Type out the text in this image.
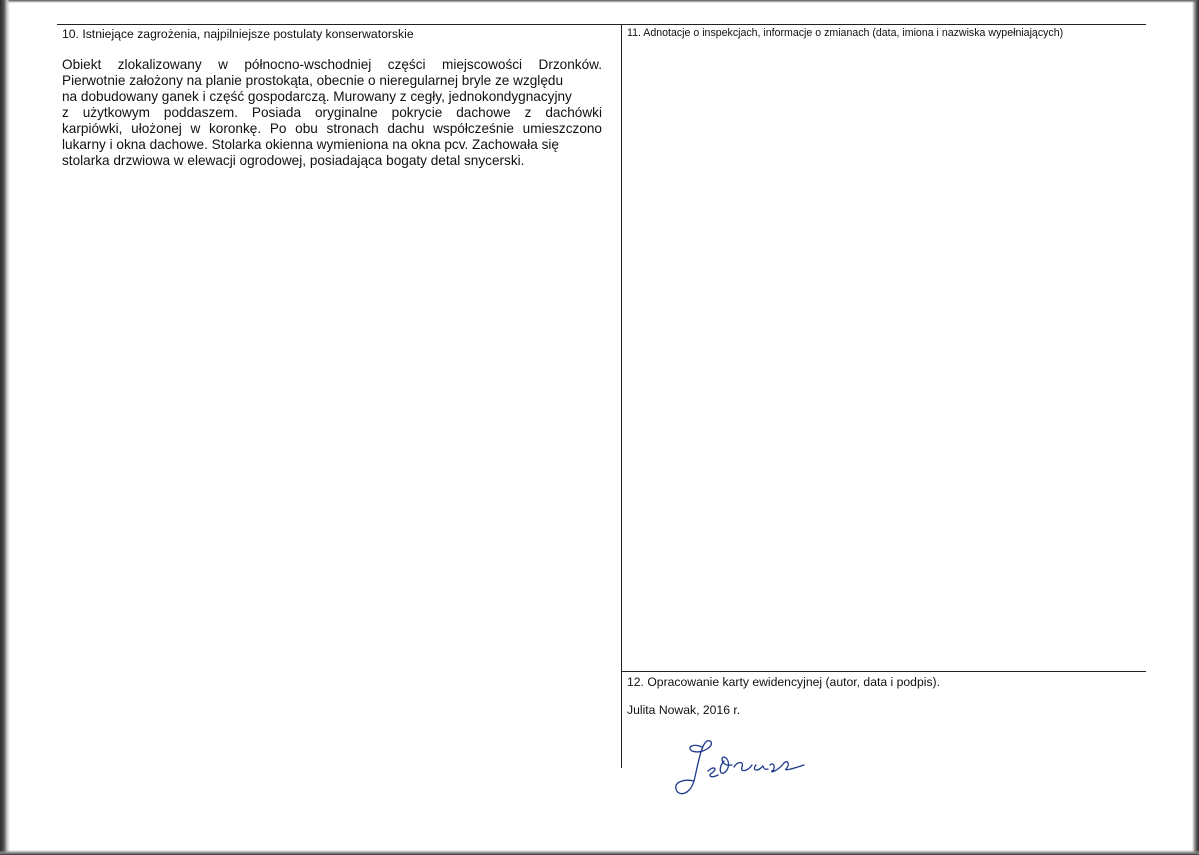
10. Istniejące zagrożenia, najpilniejsze postulaty konserwatorskie
Obiekt zlokalizowany w północno-wschodniej części miejscowości Drzonków.
Pierwotnie założony na planie prostokąta, obecnie o nieregularnej bryle ze względu
na dobudowany ganek i część gospodarczą. Murowany z cegły, jednokondygnacyjny
z użytkowym poddaszem. Posiada oryginalne pokrycie dachowe z dachówki
karpiówki, ułożonej w koronkę. Po obu stronach dachu współcześnie umieszczono
lukarny i okna dachowe. Stolarka okienna wymieniona na okna pcv. Zachowała się
stolarka drzwiowa w elewacji ogrodowej, posiadająca bogaty detal snycerski.
11. Adnotacje o inspekcjach, informacje o zmianach (data, imiona i nazwiska wypełniających)
12. Opracowanie karty ewidencyjnej (autor, data i podpis).
Julita Nowak, 2016 r.
